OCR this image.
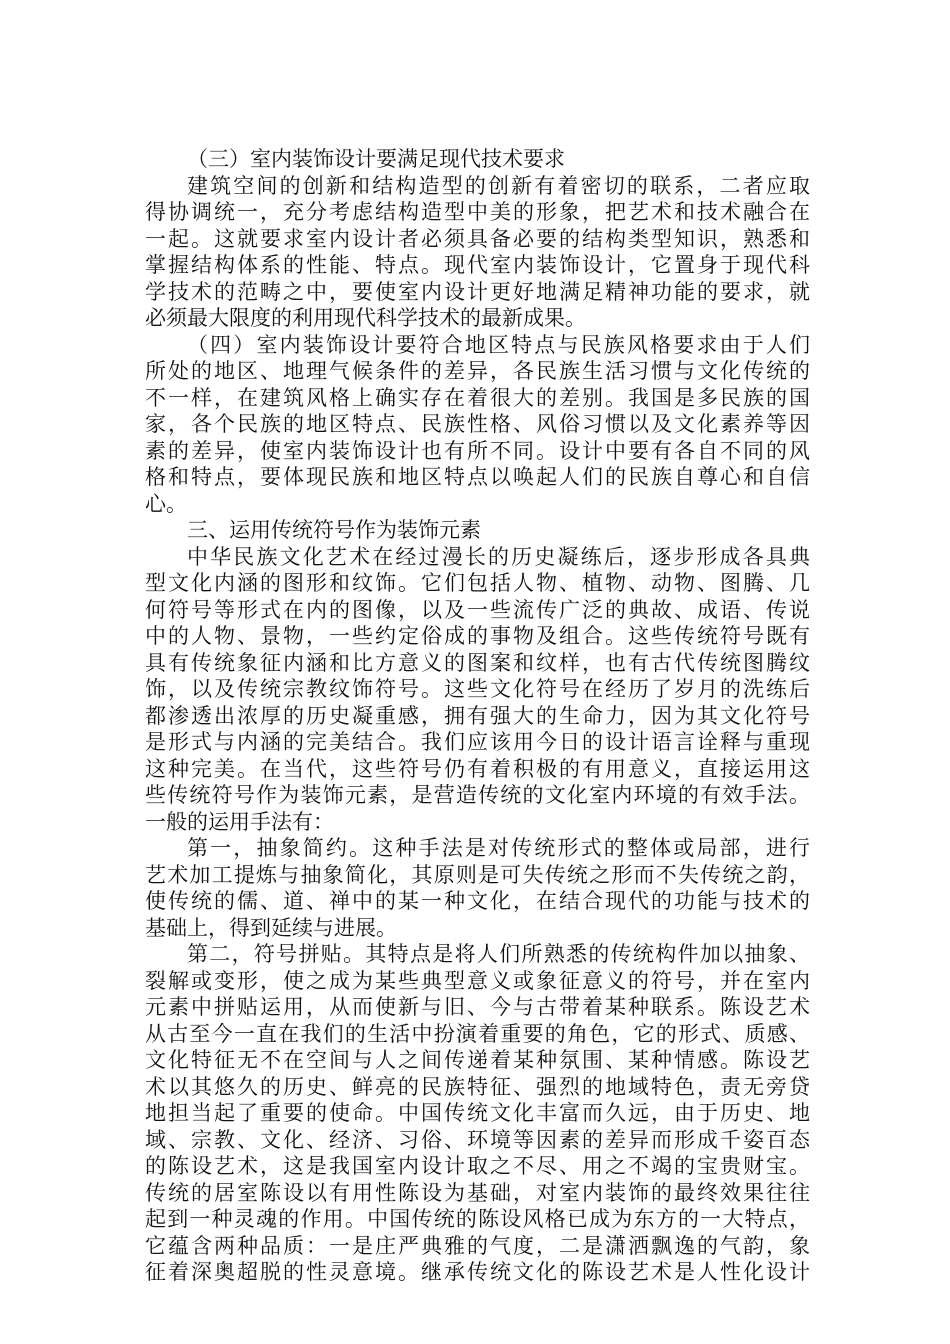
（三）室内装饰设计要满足现代技术要求
建筑空间的创新和结构造型的创新有着密切的联系，二者应取
得协调统一，充分考虑结构造型中美的形象，把艺术和技术融合在
一起。这就要求室内设计者必须具备必要的结构类型知识，熟悉和
掌握结构体系的性能、特点。现代室内装饰设计，它置身于现代科
学技术的范畴之中，要使室内设计更好地满足精神功能的要求，就
必须最大限度的利用现代科学技术的最新成果。
（四）室内装饰设计要符合地区特点与民族风格要求由于人们
所处的地区、地理气候条件的差异，各民族生活习惯与文化传统的
不一样，在建筑风格上确实存在着很大的差别。我国是多民族的国
家，各个民族的地区特点、民族性格、风俗习惯以及文化素养等因
素的差异，使室内装饰设计也有所不同。设计中要有各自不同的风
格和特点，要体现民族和地区特点以唤起人们的民族自尊心和自信
心。
三、运用传统符号作为装饰元素
中华民族文化艺术在经过漫长的历史凝练后，逐步形成各具典
型文化内涵的图形和纹饰。它们包括人物、植物、动物、图腾、几
何符号等形式在内的图像，以及一些流传广泛的典故、成语、传说
中的人物、景物，一些约定俗成的事物及组合。这些传统符号既有
具有传统象征内涵和比方意义的图案和纹样，也有古代传统图腾纹
饰，以及传统宗教纹饰符号。这些文化符号在经历了岁月的洗练后
都渗透出浓厚的历史凝重感，拥有强大的生命力，因为其文化符号
是形式与内涵的完美结合。我们应该用今日的设计语言诠释与重现
这种完美。在当代，这些符号仍有着积极的有用意义，直接运用这
些传统符号作为装饰元素，是营造传统的文化室内环境的有效手法。
一般的运用手法有：
第一，抽象简约。这种手法是对传统形式的整体或局部，进行
艺术加工提炼与抽象简化，其原则是可失传统之形而不失传统之韵，
使传统的儒、道、禅中的某一种文化，在结合现代的功能与技术的
基础上，得到延续与进展。
第二，符号拼贴。其特点是将人们所熟悉的传统构件加以抽象、
裂解或变形，使之成为某些典型意义或象征意义的符号，并在室内
元素中拼贴运用，从而使新与旧、今与古带着某种联系。陈设艺术
从古至今一直在我们的生活中扮演着重要的角色，它的形式、质感、
文化特征无不在空间与人之间传递着某种氛围、某种情感。陈设艺
术以其悠久的历史、鲜亮的民族特征、强烈的地域特色，责无旁贷
地担当起了重要的使命。中国传统文化丰富而久远，由于历史、地
域、宗教、文化、经济、习俗、环境等因素的差异而形成千姿百态
的陈设艺术，这是我国室内设计取之不尽、用之不竭的宝贵财宝。
传统的居室陈设以有用性陈设为基础，对室内装饰的最终效果往往
起到一种灵魂的作用。中国传统的陈设风格已成为东方的一大特点，
它蕴含两种品质：一是庄严典雅的气度，二是潇洒飘逸的气韵，象
征着深奥超脱的性灵意境。继承传统文化的陈设艺术是人性化设计
